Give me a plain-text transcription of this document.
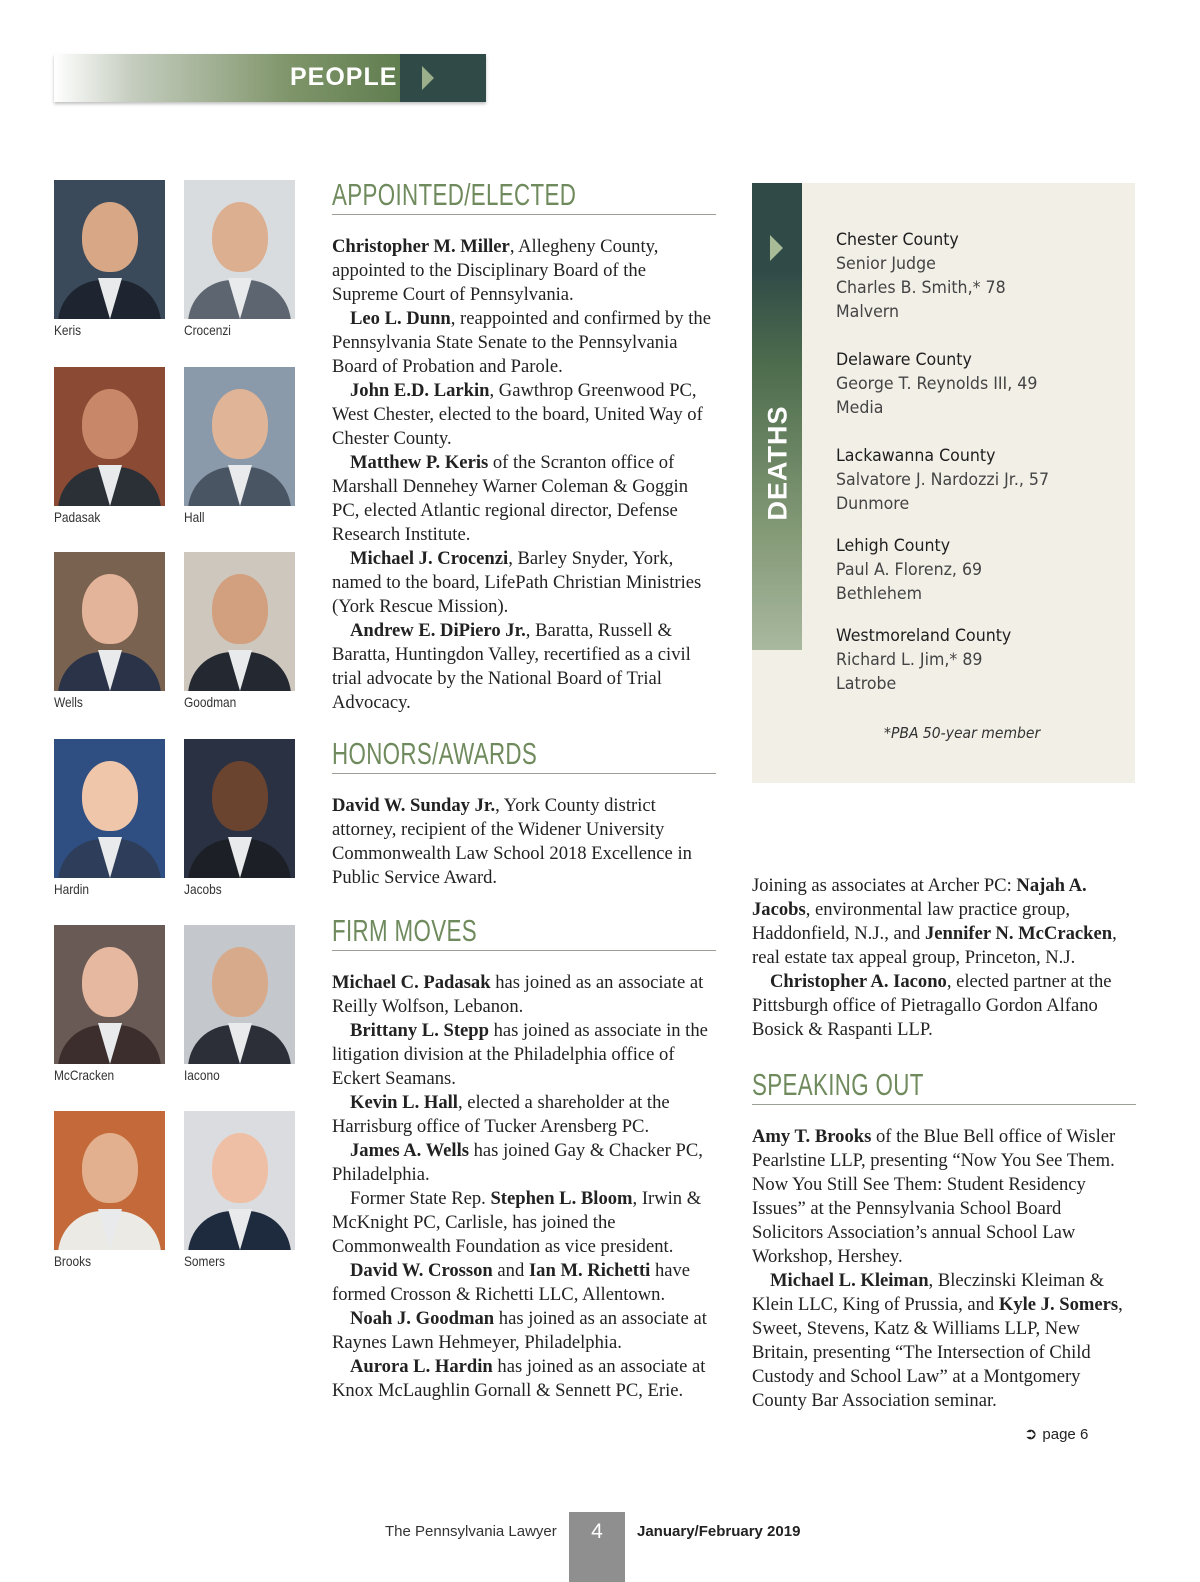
PEOPLE
Keris	Crocenzi
Padasak	Hall
Wells	Goodman
Hardin	Jacobs
McCracken	Iacono
Brooks	Somers
APPOINTED/ELECTED

Christopher M. Miller, Allegheny County, appointed to the Disciplinary Board of the Supreme Court of Pennsylvania.

Leo L. Dunn, reappointed and confirmed by the Pennsylvania State Senate to the Pennsylvania Board of Probation and Parole.

John E.D. Larkin, Gawthrop Greenwood PC, West Chester, elected to the board, United Way of Chester County.

Matthew P. Keris of the Scranton office of Marshall Dennehey Warner Coleman & Goggin PC, elected Atlantic regional director, Defense Research Institute.

Michael J. Crocenzi, Barley Snyder, York, named to the board, LifePath Christian Ministries (York Rescue Mission).

Andrew E. DiPiero Jr., Baratta, Russell & Baratta, Huntingdon Valley, recertified as a civil trial advocate by the National Board of Trial Advocacy.

HONORS/AWARDS

David W. Sunday Jr., York County district attorney, recipient of the Widener University Commonwealth Law School 2018 Excellence in Public Service Award.

FIRM MOVES

Michael C. Padasak has joined as an associate at Reilly Wolfson, Lebanon.

Brittany L. Stepp has joined as associate in the litigation division at the Philadelphia office of Eckert Seamans.

Kevin L. Hall, elected a shareholder at the Harrisburg office of Tucker Arensberg PC.

James A. Wells has joined Gay & Chacker PC, Philadelphia.

Former State Rep. Stephen L. Bloom, Irwin & McKnight PC, Carlisle, has joined the Commonwealth Foundation as vice president.

David W. Crosson and Ian M. Richetti have formed Crosson & Richetti LLC, Allentown.

Noah J. Goodman has joined as an associate at Raynes Lawn Hehmeyer, Philadelphia.

Aurora L. Hardin has joined as an associate at Knox McLaughlin Gornall & Sennett PC, Erie.

DEATHS
Chester County
Senior Judge
Charles B. Smith,* 78
Malvern
Delaware County
George T. Reynolds III, 49
Media
Lackawanna County
Salvatore J. Nardozzi Jr., 57
Dunmore
Lehigh County
Paul A. Florenz, 69
Bethlehem
Westmoreland County
Richard L. Jim,* 89
Latrobe
*PBA 50-year member

Joining as associates at Archer PC: Najah A. Jacobs, environmental law practice group, Haddonfield, N.J., and Jennifer N. McCracken, real estate tax appeal group, Princeton, N.J.

Christopher A. Iacono, elected partner at the Pittsburgh office of Pietragallo Gordon Alfano Bosick & Raspanti LLP.

SPEAKING OUT

Amy T. Brooks of the Blue Bell office of Wisler Pearlstine LLP, presenting “Now You See Them. Now You Still See Them: Student Residency Issues” at the Pennsylvania School Board Solicitors Association’s annual School Law Workshop, Hershey.

Michael L. Kleiman, Bleczinski Kleiman & Klein LLC, King of Prussia, and Kyle J. Somers, Sweet, Stevens, Katz & Williams LLP, New Britain, presenting “The Intersection of Child Custody and School Law” at a Montgomery County Bar Association seminar.

➲ page 6
The Pennsylvania Lawyer	4	January/February 2019
